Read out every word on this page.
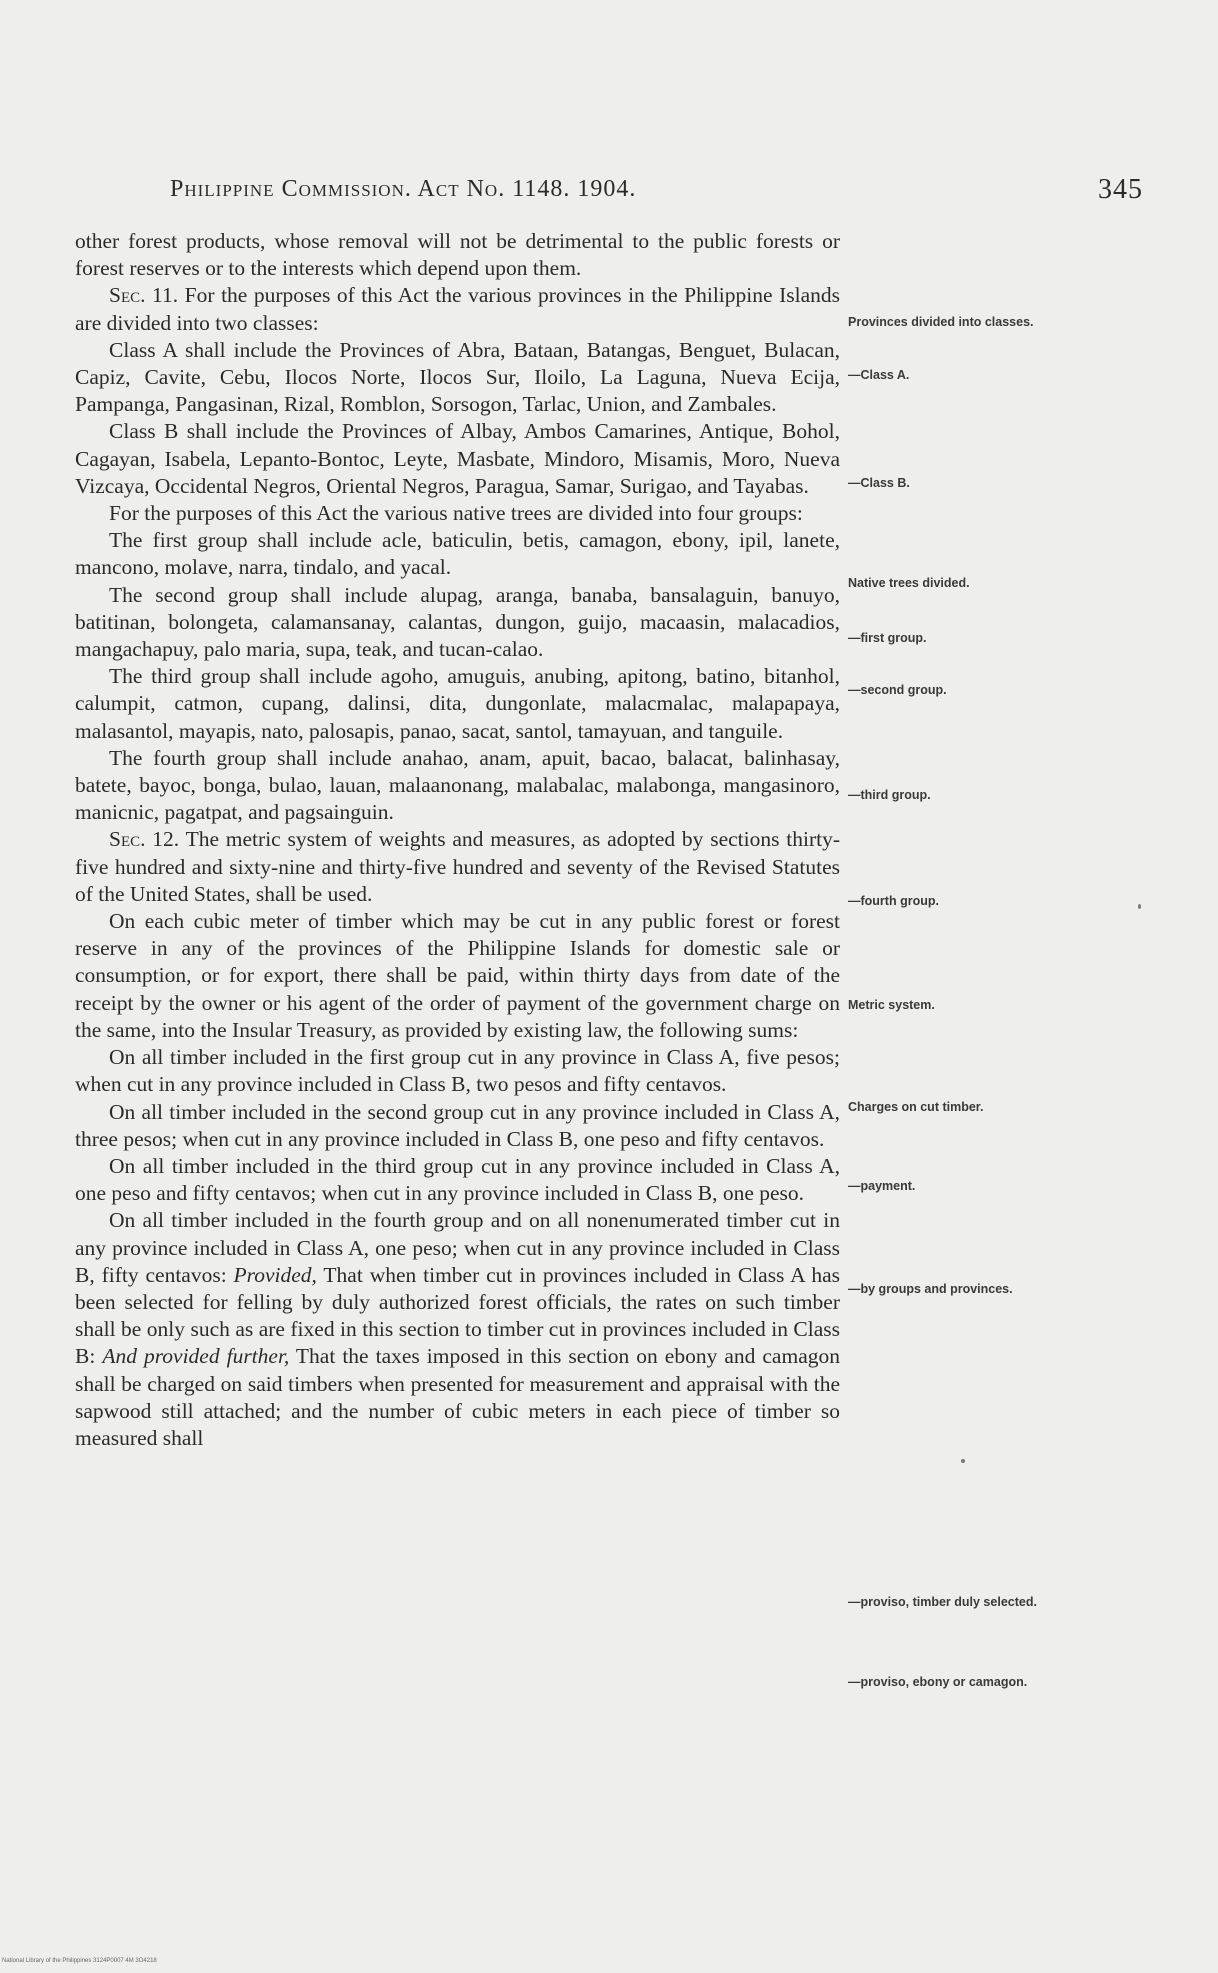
Philippine Commission. Act No. 1148. 1904.	345

other forest products, whose removal will not be detrimental to the public forests or forest reserves or to the interests which depend upon them.

Sec. 11. For the purposes of this Act the various provinces in the Philippine Islands are divided into two classes:

Class A shall include the Provinces of Abra, Bataan, Batangas, Benguet, Bulacan, Capiz, Cavite, Cebu, Ilocos Norte, Ilocos Sur, Iloilo, La Laguna, Nueva Ecija, Pampanga, Pangasinan, Rizal, Romblon, Sorsogon, Tarlac, Union, and Zambales.

Class B shall include the Provinces of Albay, Ambos Camarines, Antique, Bohol, Cagayan, Isabela, Lepanto-Bontoc, Leyte, Masbate, Mindoro, Misamis, Moro, Nueva Vizcaya, Occidental Negros, Oriental Negros, Paragua, Samar, Surigao, and Tayabas.

For the purposes of this Act the various native trees are divided into four groups:

The first group shall include acle, baticulin, betis, camagon, ebony, ipil, lanete, mancono, molave, narra, tindalo, and yacal.

The second group shall include alupag, aranga, banaba, bansalaguin, banuyo, batitinan, bolongeta, calamansanay, calantas, dungon, guijo, macaasin, malacadios, mangachapuy, palo maria, supa, teak, and tucan-calao.

The third group shall include agoho, amuguis, anubing, apitong, batino, bitanhol, calumpit, catmon, cupang, dalinsi, dita, dungonlate, malacmalac, malapapaya, malasantol, mayapis, nato, palosapis, panao, sacat, santol, tamayuan, and tanguile.

The fourth group shall include anahao, anam, apuit, bacao, balacat, balinhasay, batete, bayoc, bonga, bulao, lauan, malaanonang, malabalac, malabonga, mangasinoro, manicnic, pagatpat, and pagsainguin.

Sec. 12. The metric system of weights and measures, as adopted by sections thirty-five hundred and sixty-nine and thirty-five hundred and seventy of the Revised Statutes of the United States, shall be used.

On each cubic meter of timber which may be cut in any public forest or forest reserve in any of the provinces of the Philippine Islands for domestic sale or consumption, or for export, there shall be paid, within thirty days from date of the receipt by the owner or his agent of the order of payment of the government charge on the same, into the Insular Treasury, as provided by existing law, the following sums:

On all timber included in the first group cut in any province in Class A, five pesos; when cut in any province included in Class B, two pesos and fifty centavos.

On all timber included in the second group cut in any province included in Class A, three pesos; when cut in any province included in Class B, one peso and fifty centavos.

On all timber included in the third group cut in any province included in Class A, one peso and fifty centavos; when cut in any province included in Class B, one peso.

On all timber included in the fourth group and on all nonenumerated timber cut in any province included in Class A, one peso; when cut in any province included in Class B, fifty centavos: Provided, That when timber cut in provinces included in Class A has been selected for felling by duly authorized forest officials, the rates on such timber shall be only such as are fixed in this section to timber cut in provinces included in Class B: And provided further, That the taxes imposed in this section on ebony and camagon shall be charged on said timbers when presented for measurement and appraisal with the sapwood still attached; and the number of cubic meters in each piece of timber so measured shall

Provinces divided into classes.
—Class A.
—Class B.
Native trees divided.
—first group.
—second group.
—third group.
—fourth group.
Metric system.
Charges on cut timber.
—payment.
—by groups and provinces.
—proviso, timber duly selected.
—proviso, ebony or camagon.
National Library of the Philippines 3124P0007 4M 3O4218
